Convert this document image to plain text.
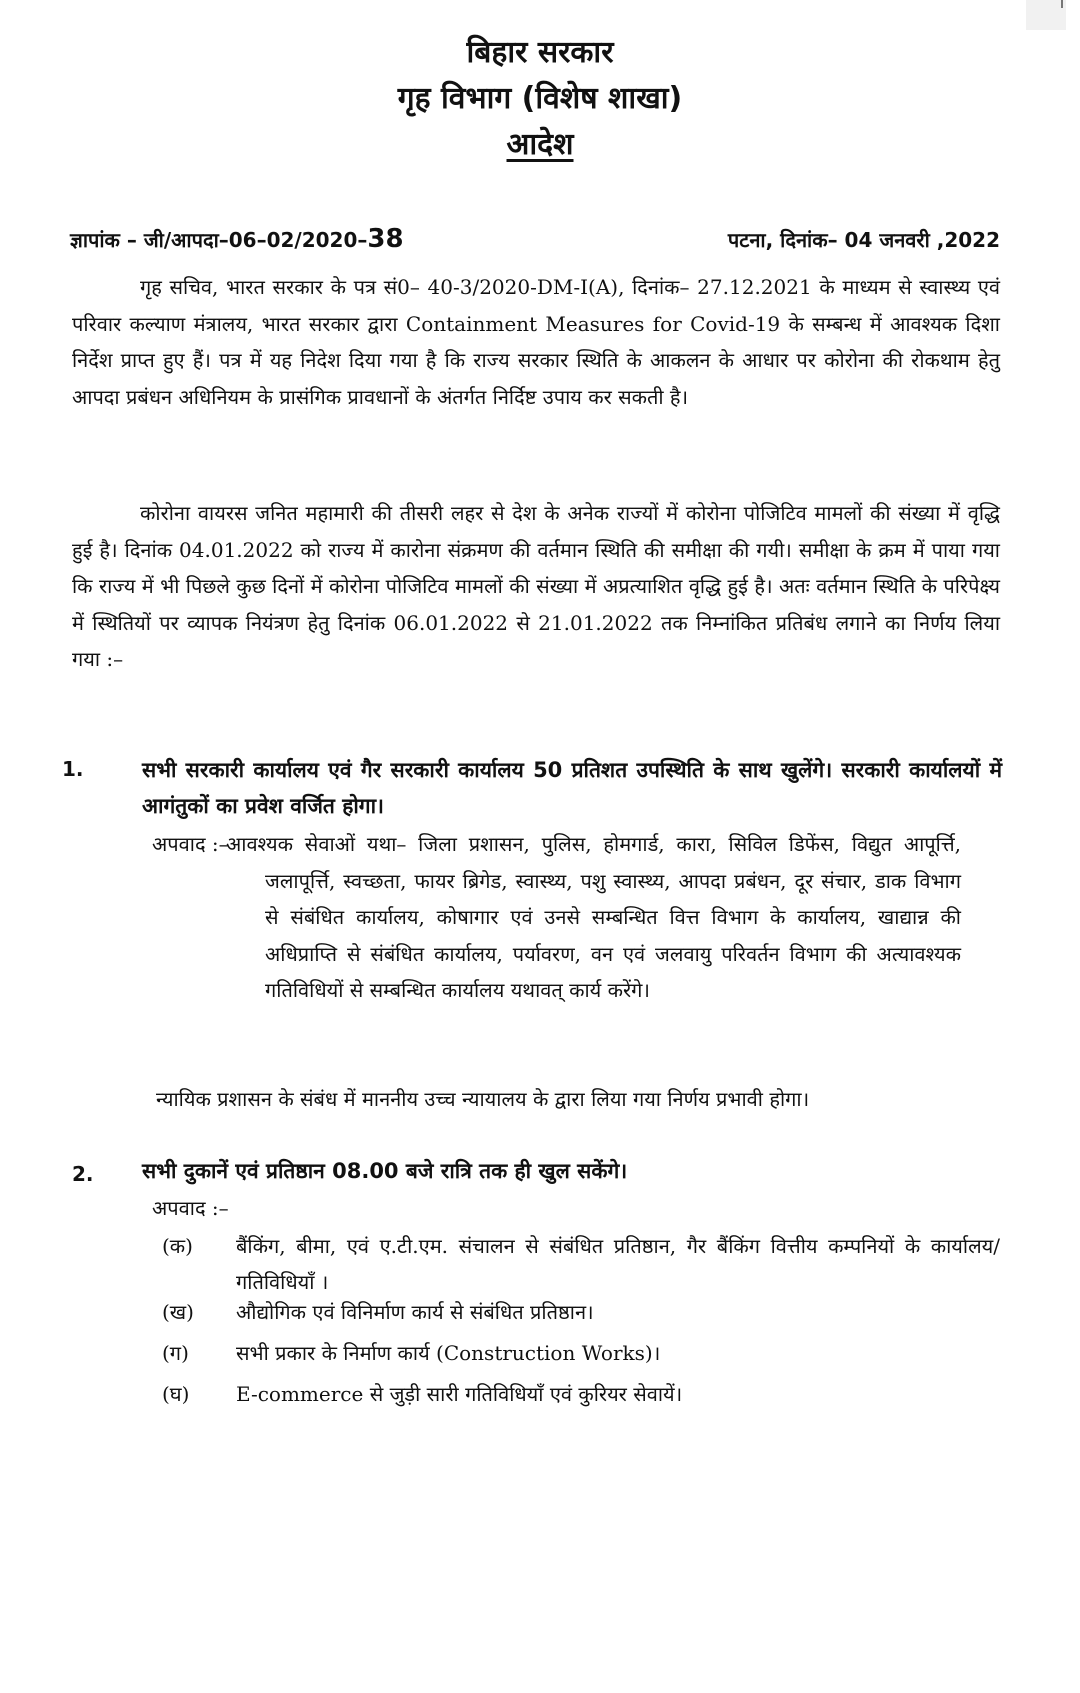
बिहार सरकार
गृह विभाग (विशेष शाखा)
आदेश
ज्ञापांक – जी/आपदा–06–02/2020–38	पटना, दिनांक– 04 जनवरी ,2022
गृह सचिव, भारत सरकार के पत्र सं0– 40-3/2020-DM-I(A), दिनांक– 27.12.2021 के माध्यम से स्वास्थ्य एवं परिवार कल्याण मंत्रालय, भारत सरकार द्वारा Containment Measures for Covid-19 के सम्बन्ध में आवश्यक दिशा निर्देश प्राप्त हुए हैं। पत्र में यह निदेश दिया गया है कि राज्य सरकार स्थिति के आकलन के आधार पर कोरोना की रोकथाम हेतु आपदा प्रबंधन अधिनियम के प्रासंगिक प्रावधानों के अंतर्गत निर्दिष्ट उपाय कर सकती है।
कोरोना वायरस जनित महामारी की तीसरी लहर से देश के अनेक राज्यों में कोरोना पोजिटिव मामलों की संख्या में वृद्धि हुई है। दिनांक 04.01.2022 को राज्य में कारोना संक्रमण की वर्तमान स्थिति की समीक्षा की गयी। समीक्षा के क्रम में पाया गया कि राज्य में भी पिछले कुछ दिनों में कोरोना पोजिटिव मामलों की संख्या में अप्रत्याशित वृद्धि हुई है। अतः वर्तमान स्थिति के परिपेक्ष्य में स्थितियों पर व्यापक नियंत्रण हेतु दिनांक 06.01.2022 से 21.01.2022 तक निम्नांकित प्रतिबंध लगाने का निर्णय लिया गया :–
1.	सभी सरकारी कार्यालय एवं गैर सरकारी कार्यालय 50 प्रतिशत उपस्थिति के साथ खुलेंगे। सरकारी कार्यालयों में आगंतुकों का प्रवेश वर्जित होगा।
अपवाद :–
आवश्यक सेवाओं यथा– जिला प्रशासन, पुलिस, होमगार्ड, कारा, सिविल डिफेंस, विद्युत आपूर्त्ति, जलापूर्त्ति, स्वच्छता, फायर ब्रिगेड, स्वास्थ्य, पशु स्वास्थ्य, आपदा प्रबंधन, दूर संचार, डाक विभाग से संबंधित कार्यालय, कोषागार एवं उनसे सम्बन्धित वित्त विभाग के कार्यालय, खाद्यान्न की अधिप्राप्ति से संबंधित कार्यालय, पर्यावरण, वन एवं जलवायु परिवर्तन विभाग की अत्यावश्यक गतिविधियों से सम्बन्धित कार्यालय यथावत् कार्य करेंगे।
न्यायिक प्रशासन के संबंध में माननीय उच्च न्यायालय के द्वारा लिया गया निर्णय प्रभावी होगा।
2. सभी दुकानें एवं प्रतिष्ठान 08.00 बजे रात्रि तक ही खुल सकेंगे।
अपवाद :–
(क) बैंकिंग, बीमा, एवं ए.टी.एम. संचालन से संबंधित प्रतिष्ठान, गैर बैंकिंग वित्तीय कम्पनियों के कार्यालय/गतिविधियाँ ।
(ख) औद्योगिक एवं विनिर्माण कार्य से संबंधित प्रतिष्ठान।
(ग) सभी प्रकार के निर्माण कार्य (Construction Works)।
(घ) E-commerce से जुड़ी सारी गतिविधियाँ एवं कुरियर सेवायें।
